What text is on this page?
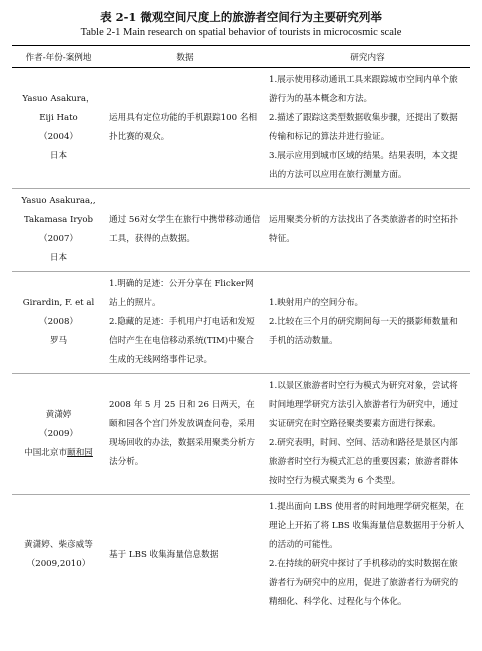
表 2-1 微观空间尺度上的旅游者空间行为主要研究列举
Table 2-1 Main research on spatial behavior of tourists in microcosmic scale
作者-年份-案例地	数据	研究内容

Yasuo Asakura，
Eiji Hato
（2004）
日本	运用具有定位功能的手机跟踪100 名相扑比赛的观众。	1.展示使用移动通讯工具来跟踪城市空间内单个旅游行为的基本概念和方法。
2.描述了跟踪这类型数据收集步骤，还提出了数据传输和标记的算法并进行验证。
3.展示应用到城市区域的结果。结果表明，本文提出的方法可以应用在旅行测量方面。

Yasuo Asakuraa,,
Takamasa Iryob
（2007）
日本	通过 56对女学生在旅行中携带移动通信工具，获得的点数据。	运用聚类分析的方法找出了各类旅游者的时空拓扑特征。

Girardin, F. et al
（2008）
罗马	1.明确的足迹：公开分享在 Flicker网站上的照片。
2.隐藏的足迹：手机用户打电话和发短信时产生在电信移动系统(TIM)中聚合生成的无线网络事件记录。	1.映射用户的空间分布。
2.比较在三个月的研究期间每一天的摄影师数量和手机的活动数量。

黄潇婷
（2009）
中国北京市颐和园	2008 年 5 月 25 日和 26 日两天，在颐和园各个宫门外发放调查问卷，采用现场回收的办法，数据采用聚类分析方法分析。	1.以景区旅游者时空行为模式为研究对象，尝试将时间地理学研究方法引入旅游者行为研究中，通过实证研究在时空路径聚类要素方面进行探索。
2.研究表明，时间、空间、活动和路径是景区内部旅游者时空行为模式汇总的重要因素；旅游者群体按时空行为模式聚类为 6 个类型。

黄潇婷、柴彦威等
（2009,2010）	基于 LBS 收集海量信息数据	1.提出面向 LBS 使用者的时间地理学研究框架，在理论上开拓了将 LBS 收集海量信息数据用于分析人的活动的可能性。
2.在持续的研究中探讨了手机移动的实时数据在旅游者行为研究中的应用，促进了旅游者行为研究的精细化、科学化、过程化与个体化。
